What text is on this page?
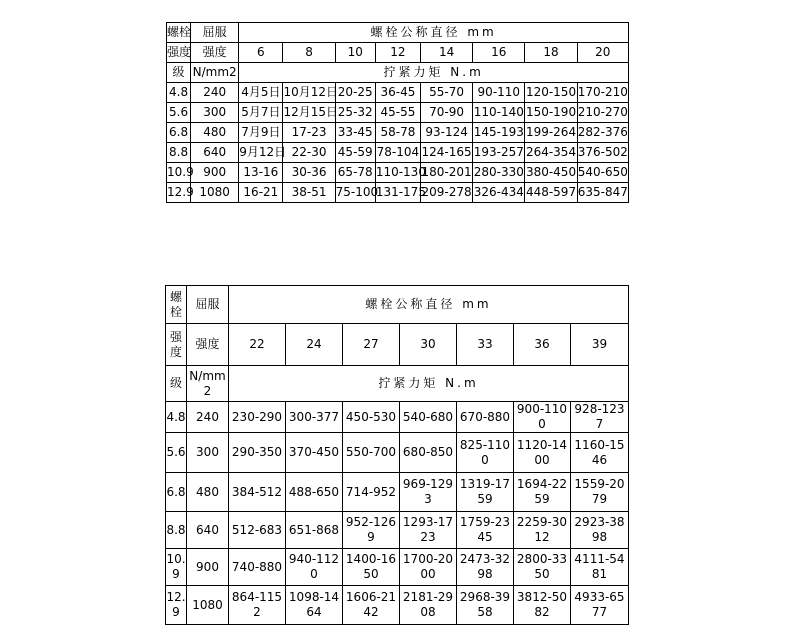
螺栓	屈服	螺栓公称直径 mm							
强度	强度	6	8	10	12	14	16	18	20
级	N/mm2	拧紧力矩 N.m							
4.8	240	4月5日	10月12日	20-25	36-45	55-70	90-110	120-150	170-210
5.6	300	5月7日	12月15日	25-32	45-55	70-90	110-140	150-190	210-270
6.8	480	7月9日	17-23	33-45	58-78	93-124	145-193	199-264	282-376
8.8	640	9月12日	22-30	45-59	78-104	124-165	193-257	264-354	376-502
10.9	900	13-16	30-36	65-78	110-130	180-201	280-330	380-450	540-650
12.9	1080	16-21	38-51	75-100	131-175	209-278	326-434	448-597	635-847
螺栓	屈服	螺栓公称直径 mm						
强度	强度	22	24	27	30	33	36	39
级	N/mm2	拧紧力矩 N.m						
4.8	240	230-290	300-377	450-530	540-680	670-880	900-1100	928-1237
5.6	300	290-350	370-450	550-700	680-850	825-1100	1120-1400	1160-1546
6.8	480	384-512	488-650	714-952	969-1293	1319-1759	1694-2259	1559-2079
8.8	640	512-683	651-868	952-1269	1293-1723	1759-2345	2259-3012	2923-3898
10.9	900	740-880	940-1120	1400-1650	1700-2000	2473-3298	2800-3350	4111-5481
12.9	1080	864-1152	1098-1464	1606-2142	2181-2908	2968-3958	3812-5082	4933-6577
